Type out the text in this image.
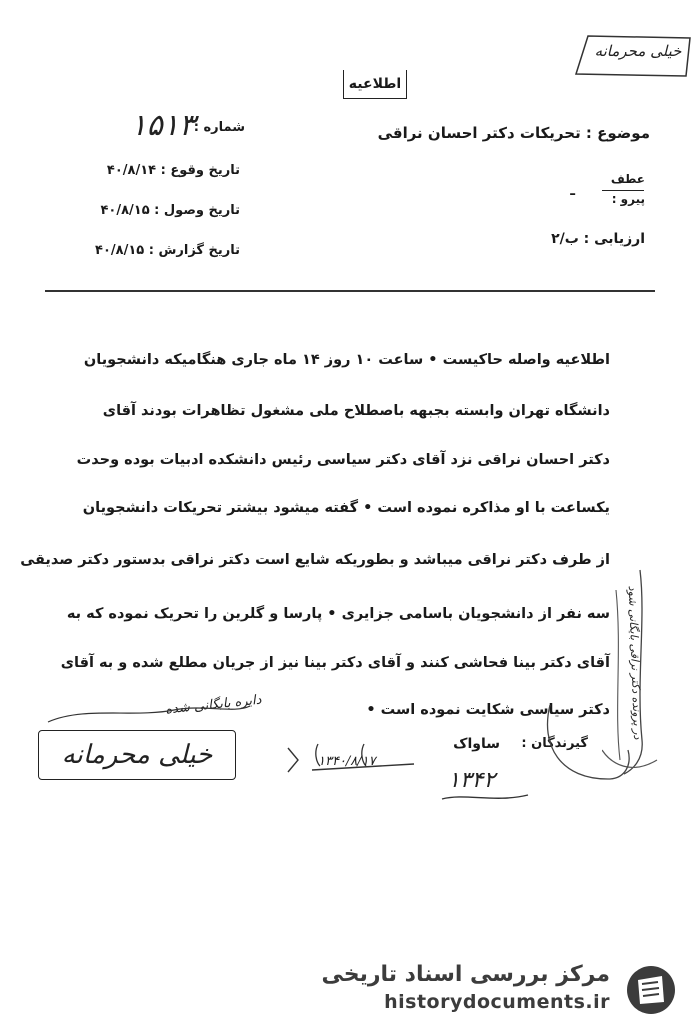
خیلی محرمانه
اطلاعیه
موضوع : تحریکات دکتر احسان نراقی
عطف
پیرو :
ـ
ارزیابی : ب/۲
شماره :
۱۵۱۳
تاریخ وقوع : ۴۰/۸/۱۴
تاریخ وصول : ۴۰/۸/۱۵
تاریخ گزارش : ۴۰/۸/۱۵
اطلاعیه واصله حاکیست • ساعت ۱۰ روز ۱۴ ماه جاری هنگامیکه دانشجویان
دانشگاه تهران وابسته بجبهه باصطلاح ملی مشغول تظاهرات بودند آقای
دکتر احسان نراقی نزد آقای دکتر سیاسی رئیس دانشکده ادبیات بوده وحدت
یکساعت با او مذاکره نموده است • گفته میشود بیشتر تحریکات دانشجویان
از طرف دکتر نراقی میباشد و بطوریکه شایع است دکتر نراقی بدستور دکتر صدیقی
سه نفر از دانشجویان باسامی جزایری • پارسا و گلرین را تحریک نموده که به
آقای دکتر بینا فحاشی کنند و آقای دکتر بینا نیز از جریان مطلع شده و به آقای
دکتر سیاسی شکایت نموده است •
گیرندگان :
ساواک
در پرونده دکتر نراقی بایگانی شود
۱۳۴۰/۸/۱۷
۱۳۴۲
دایره بایگانی شده
خیلی محرمانه
مرکز بررسی اسناد تاریخی
historydocuments.ir
